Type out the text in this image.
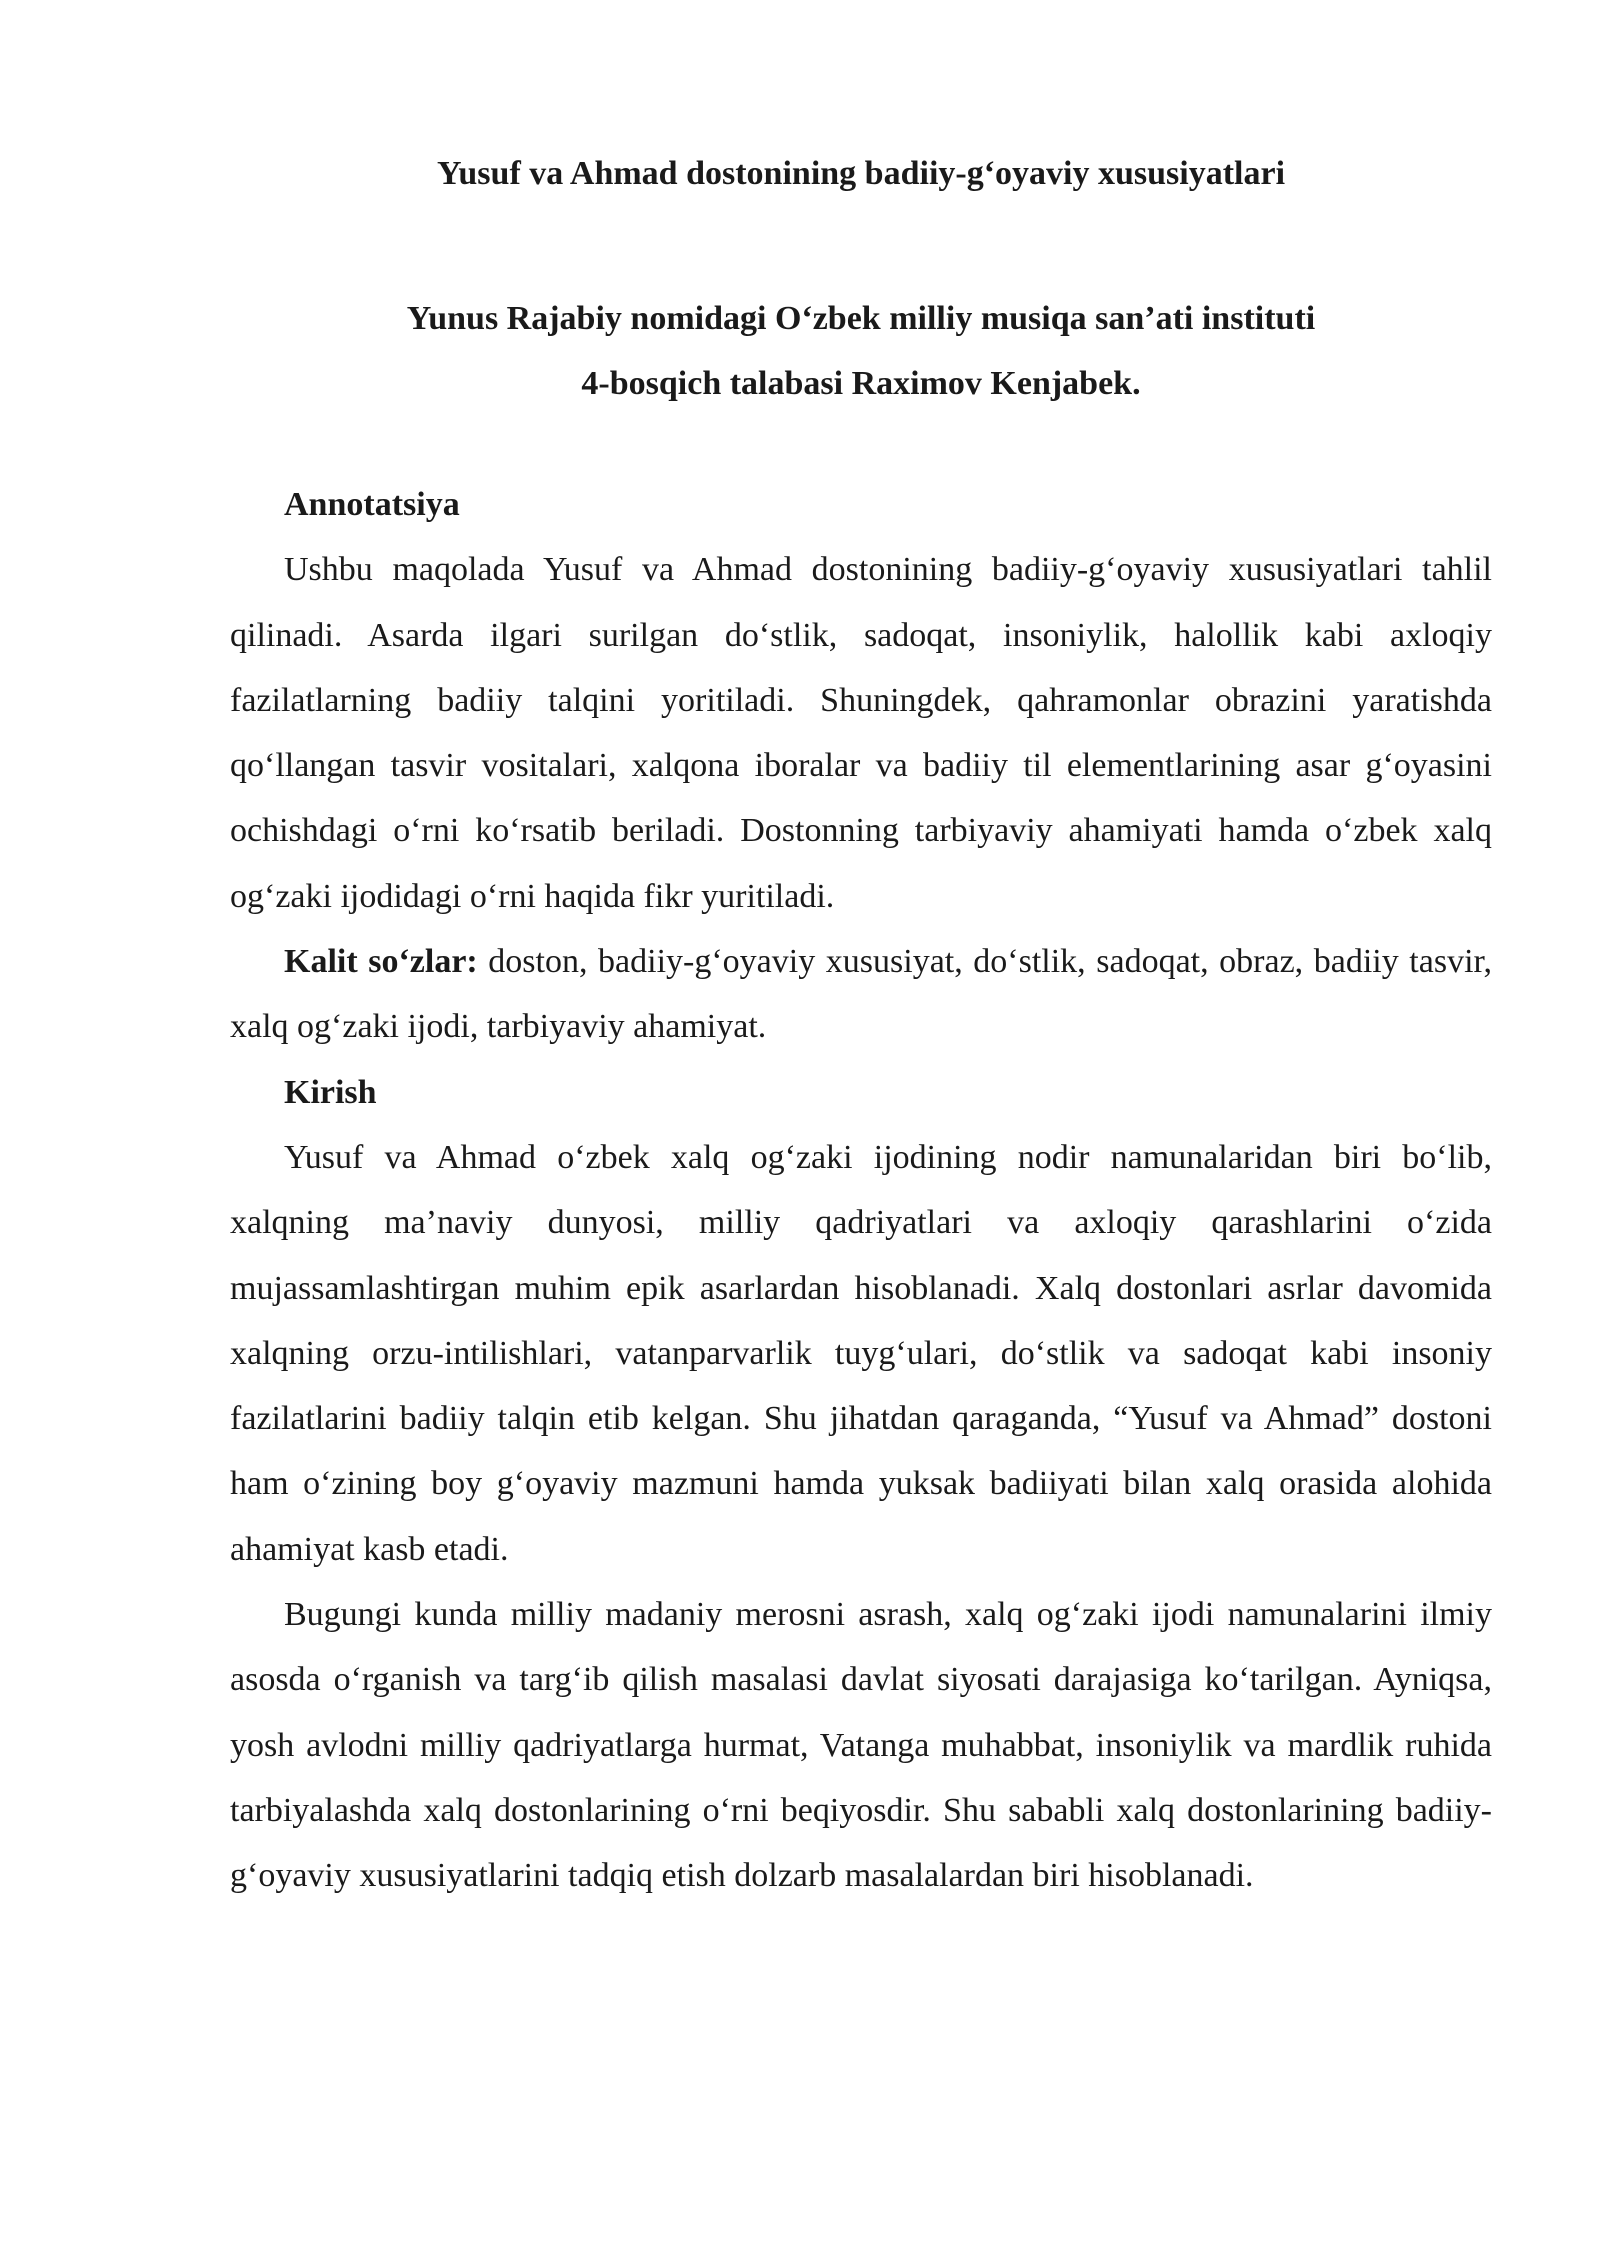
Yusuf va Ahmad dostonining badiiy-g‘oyaviy xususiyatlari
Yunus Rajabiy nomidagi O‘zbek milliy musiqa san’ati instituti
4-bosqich talabasi Raximov Kenjabek.

Annotatsiya

Ushbu maqolada Yusuf va Ahmad dostonining badiiy-g‘oyaviy xususiyatlari tahlil qilinadi. Asarda ilgari surilgan do‘stlik, sadoqat, insoniylik, halollik kabi axloqiy fazilatlarning badiiy talqini yoritiladi. Shuningdek, qahramonlar obrazini yaratishda qo‘llangan tasvir vositalari, xalqona iboralar va badiiy til elementlarining asar g‘oyasini ochishdagi o‘rni ko‘rsatib beriladi. Dostonning tarbiyaviy ahamiyati hamda o‘zbek xalq og‘zaki ijodidagi o‘rni haqida fikr yuritiladi.

Kalit so‘zlar: doston, badiiy-g‘oyaviy xususiyat, do‘stlik, sadoqat, obraz, badiiy tasvir, xalq og‘zaki ijodi, tarbiyaviy ahamiyat.

Kirish

Yusuf va Ahmad o‘zbek xalq og‘zaki ijodining nodir namunalaridan biri bo‘lib, xalqning ma’naviy dunyosi, milliy qadriyatlari va axloqiy qarashlarini o‘zida mujassamlashtirgan muhim epik asarlardan hisoblanadi. Xalq dostonlari asrlar davomida xalqning orzu-intilishlari, vatanparvarlik tuyg‘ulari, do‘stlik va sadoqat kabi insoniy fazilatlarini badiiy talqin etib kelgan. Shu jihatdan qaraganda, “Yusuf va Ahmad” dostoni ham o‘zining boy g‘oyaviy mazmuni hamda yuksak badiiyati bilan xalq orasida alohida ahamiyat kasb etadi.

Bugungi kunda milliy madaniy merosni asrash, xalq og‘zaki ijodi namunalarini ilmiy asosda o‘rganish va targ‘ib qilish masalasi davlat siyosati darajasiga ko‘tarilgan. Ayniqsa, yosh avlodni milliy qadriyatlarga hurmat, Vatanga muhabbat, insoniylik va mardlik ruhida tarbiyalashda xalq dostonlarining o‘rni beqiyosdir. Shu sababli xalq dostonlarining badiiy-g‘oyaviy xususiyatlarini tadqiq etish dolzarb masalalardan biri hisoblanadi.
